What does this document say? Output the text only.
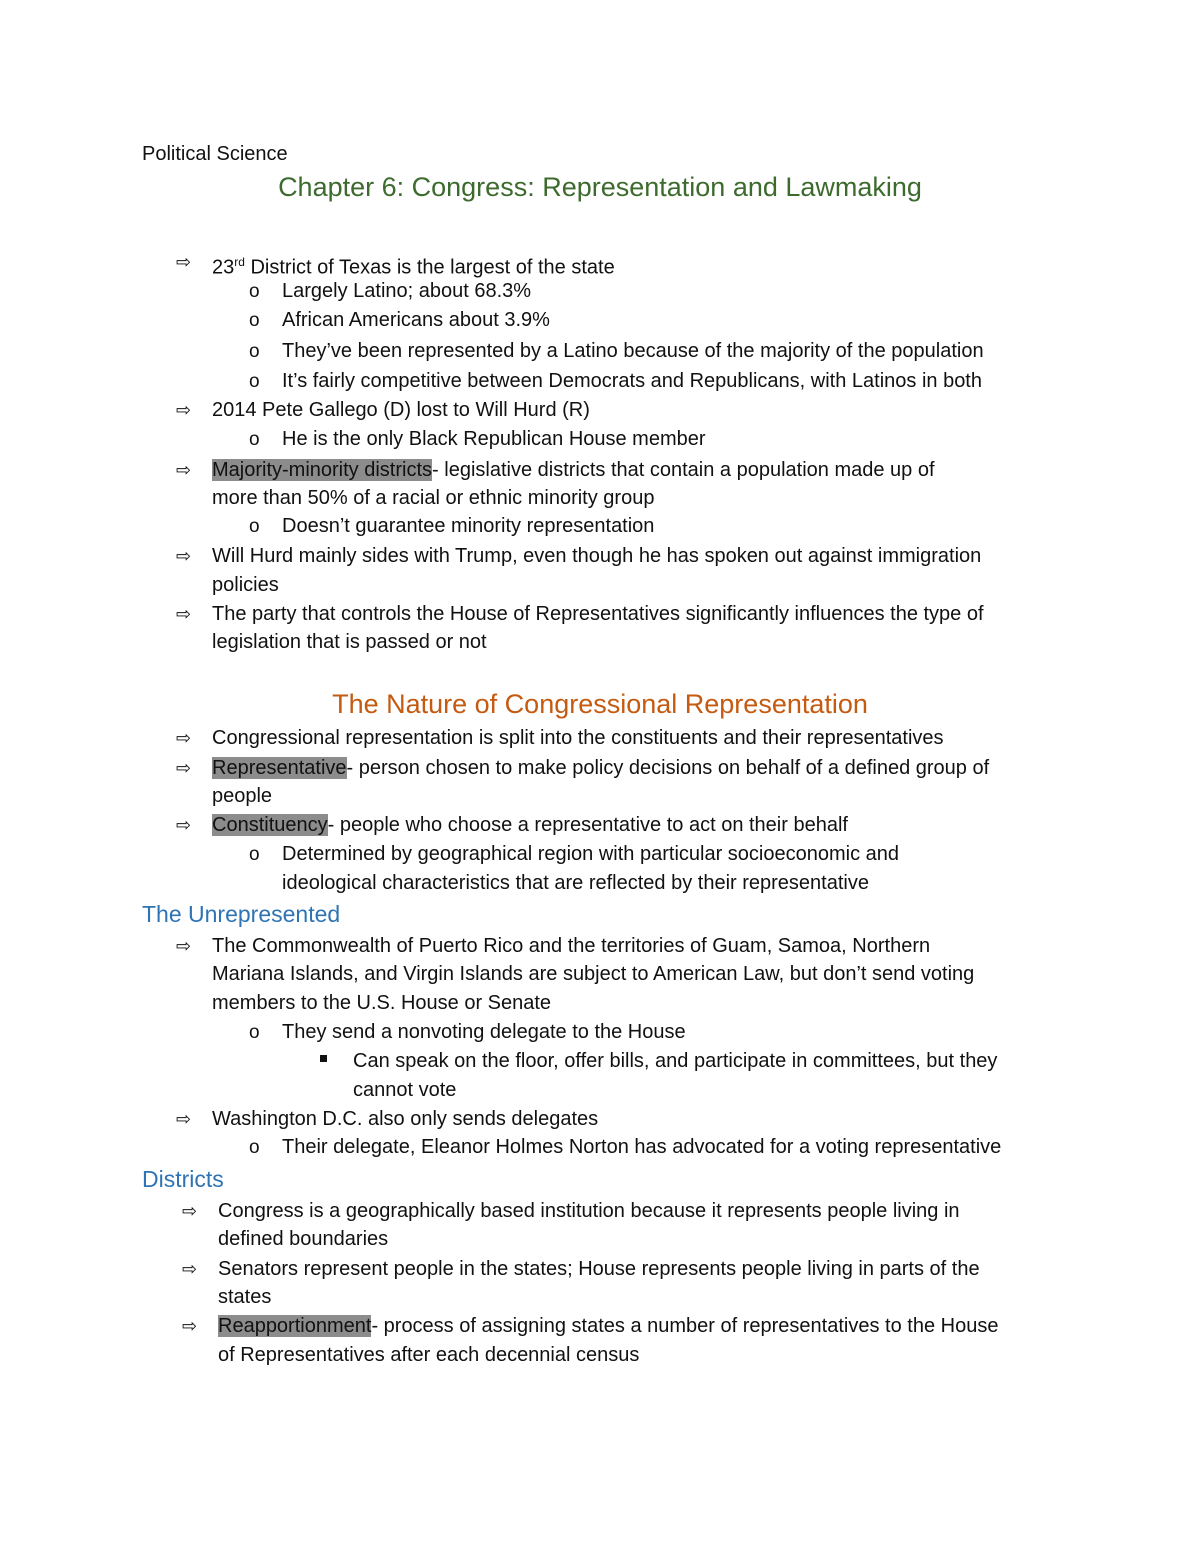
Political Science
Chapter 6: Congress: Representation and Lawmaking
⇨ 23rd District of Texas is the largest of the state
o Largely Latino; about 68.3%
o African Americans about 3.9%
o They’ve been represented by a Latino because of the majority of the population
o It’s fairly competitive between Democrats and Republicans, with Latinos in both
⇨ 2014 Pete Gallego (D) lost to Will Hurd (R)
o He is the only Black Republican House member
⇨ Majority-minority districts- legislative districts that contain a population made up of
more than 50% of a racial or ethnic minority group
o Doesn’t guarantee minority representation
⇨ Will Hurd mainly sides with Trump, even though he has spoken out against immigration
policies
⇨ The party that controls the House of Representatives significantly influences the type of
legislation that is passed or not
The Nature of Congressional Representation
⇨ Congressional representation is split into the constituents and their representatives
⇨ Representative- person chosen to make policy decisions on behalf of a defined group of
people
⇨ Constituency- people who choose a representative to act on their behalf
o Determined by geographical region with particular socioeconomic and
ideological characteristics that are reflected by their representative
The Unrepresented
⇨ The Commonwealth of Puerto Rico and the territories of Guam, Samoa, Northern
Mariana Islands, and Virgin Islands are subject to American Law, but don’t send voting
members to the U.S. House or Senate
o They send a nonvoting delegate to the House
Can speak on the floor, offer bills, and participate in committees, but they
cannot vote
⇨ Washington D.C. also only sends delegates
o Their delegate, Eleanor Holmes Norton has advocated for a voting representative
Districts
⇨ Congress is a geographically based institution because it represents people living in
defined boundaries
⇨ Senators represent people in the states; House represents people living in parts of the
states
⇨ Reapportionment- process of assigning states a number of representatives to the House
of Representatives after each decennial census
